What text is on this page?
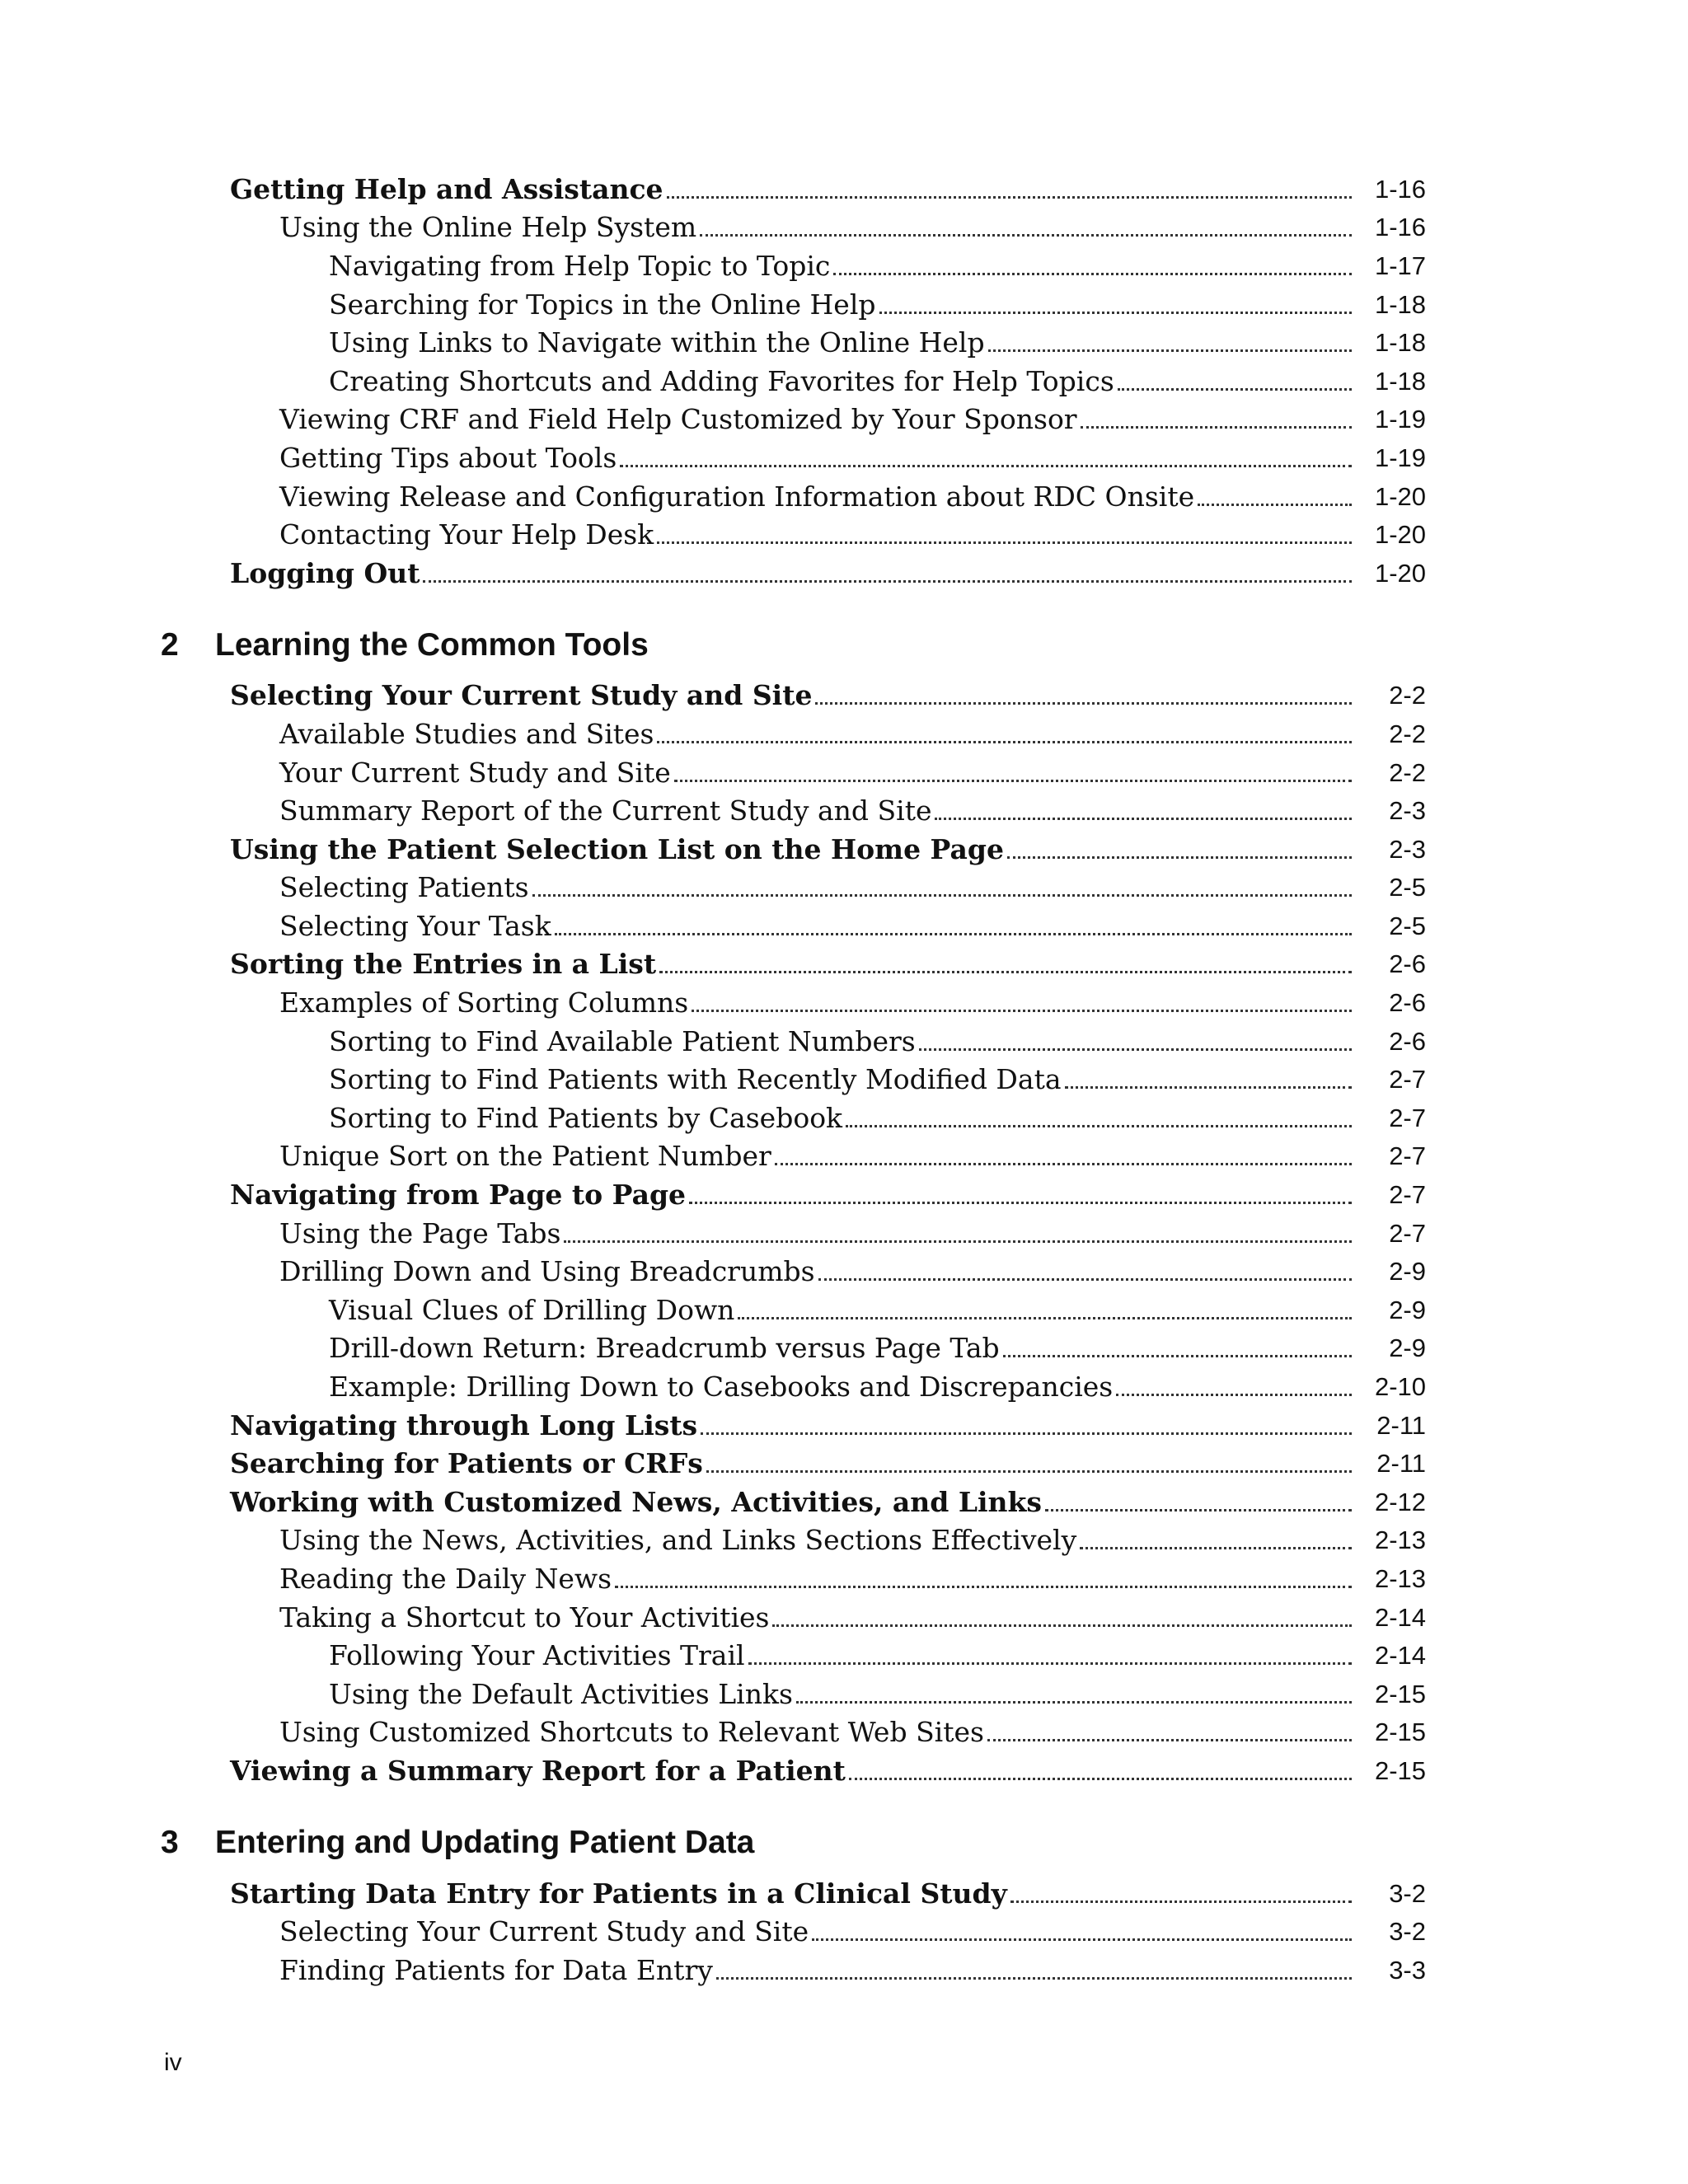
Getting Help and Assistance	1-16
Using the Online Help System	1-16
Navigating from Help Topic to Topic	1-17
Searching for Topics in the Online Help	1-18
Using Links to Navigate within the Online Help	1-18
Creating Shortcuts and Adding Favorites for Help Topics	1-18
Viewing CRF and Field Help Customized by Your Sponsor	1-19
Getting Tips about Tools	1-19
Viewing Release and Configuration Information about RDC Onsite	1-20
Contacting Your Help Desk	1-20
Logging Out	1-20
2	Learning the Common Tools
Selecting Your Current Study and Site	2-2
Available Studies and Sites	2-2
Your Current Study and Site	2-2
Summary Report of the Current Study and Site	2-3
Using the Patient Selection List on the Home Page	2-3
Selecting Patients	2-5
Selecting Your Task	2-5
Sorting the Entries in a List	2-6
Examples of Sorting Columns	2-6
Sorting to Find Available Patient Numbers	2-6
Sorting to Find Patients with Recently Modified Data	2-7
Sorting to Find Patients by Casebook	2-7
Unique Sort on the Patient Number	2-7
Navigating from Page to Page	2-7
Using the Page Tabs	2-7
Drilling Down and Using Breadcrumbs	2-9
Visual Clues of Drilling Down	2-9
Drill-down Return: Breadcrumb versus Page Tab	2-9
Example: Drilling Down to Casebooks and Discrepancies	2-10
Navigating through Long Lists	2-11
Searching for Patients or CRFs	2-11
Working with Customized News, Activities, and Links	2-12
Using the News, Activities, and Links Sections Effectively	2-13
Reading the Daily News	2-13
Taking a Shortcut to Your Activities	2-14
Following Your Activities Trail	2-14
Using the Default Activities Links	2-15
Using Customized Shortcuts to Relevant Web Sites	2-15
Viewing a Summary Report for a Patient	2-15
3	Entering and Updating Patient Data
Starting Data Entry for Patients in a Clinical Study	3-2
Selecting Your Current Study and Site	3-2
Finding Patients for Data Entry	3-3
iv
